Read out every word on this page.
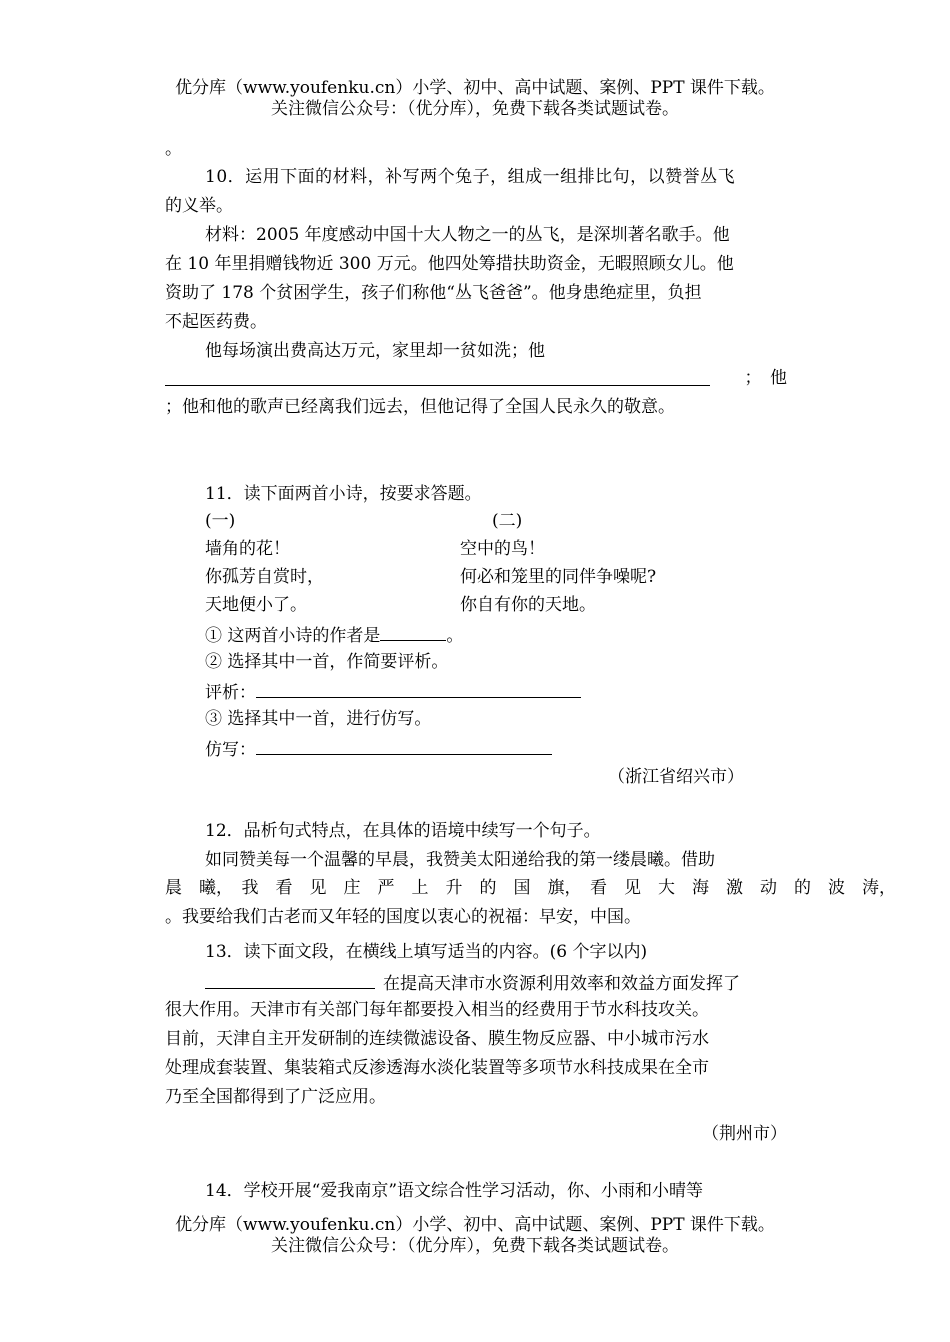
优分库（www.youfenku.cn）小学、初中、高中试题、案例、PPT 课件下载。
关注微信公众号：（优分库），免费下载各类试题试卷。
。
10．运用下面的材料，补写两个兔子，组成一组排比句，以赞誉丛飞
的义举。
材料：2005 年度感动中国十大人物之一的丛飞，是深圳著名歌手。他
在 10 年里捐赠钱物近 300 万元。他四处筹措扶助资金，无暇照顾女儿。他
资助了 178 个贫困学生，孩子们称他“丛飞爸爸”。他身患绝症里，负担
不起医药费。
他每场演出费高达万元，家里却一贫如洗；他
；　他
；他和他的歌声已经离我们远去，但他记得了全国人民永久的敬意。
11．读下面两首小诗，按要求答题。
(一)	(二)
墙角的花！	空中的鸟！
你孤芳自赏时，	何必和笼里的同伴争噪呢?
天地便小了。	你自有你的天地。
① 这两首小诗的作者是	。
② 选择其中一首，作简要评析。
评析：
③ 选择其中一首，进行仿写。
仿写：
（浙江省绍兴市）
12．品析句式特点，在具体的语境中续写一个句子。
如同赞美每一个温馨的早晨，我赞美太阳递给我的第一缕晨曦。借助
晨　曦，　我　看　见　庄　严　上　升　的　国　旗，　看　见　大　海　激　动　的　波　涛，
。我要给我们古老而又年轻的国度以衷心的祝福：早安，中国。
13．读下面文段，在横线上填写适当的内容。(6 个字以内)
在提高天津市水资源利用效率和效益方面发挥了
很大作用。天津市有关部门每年都要投入相当的经费用于节水科技攻关。
目前，天津自主开发研制的连续微滤设备、膜生物反应器、中小城市污水
处理成套装置、集装箱式反渗透海水淡化装置等多项节水科技成果在全市
乃至全国都得到了广泛应用。
（荆州市）
14．学校开展“爱我南京”语文综合性学习活动，你、小雨和小晴等
优分库（www.youfenku.cn）小学、初中、高中试题、案例、PPT 课件下载。
关注微信公众号：（优分库），免费下载各类试题试卷。
